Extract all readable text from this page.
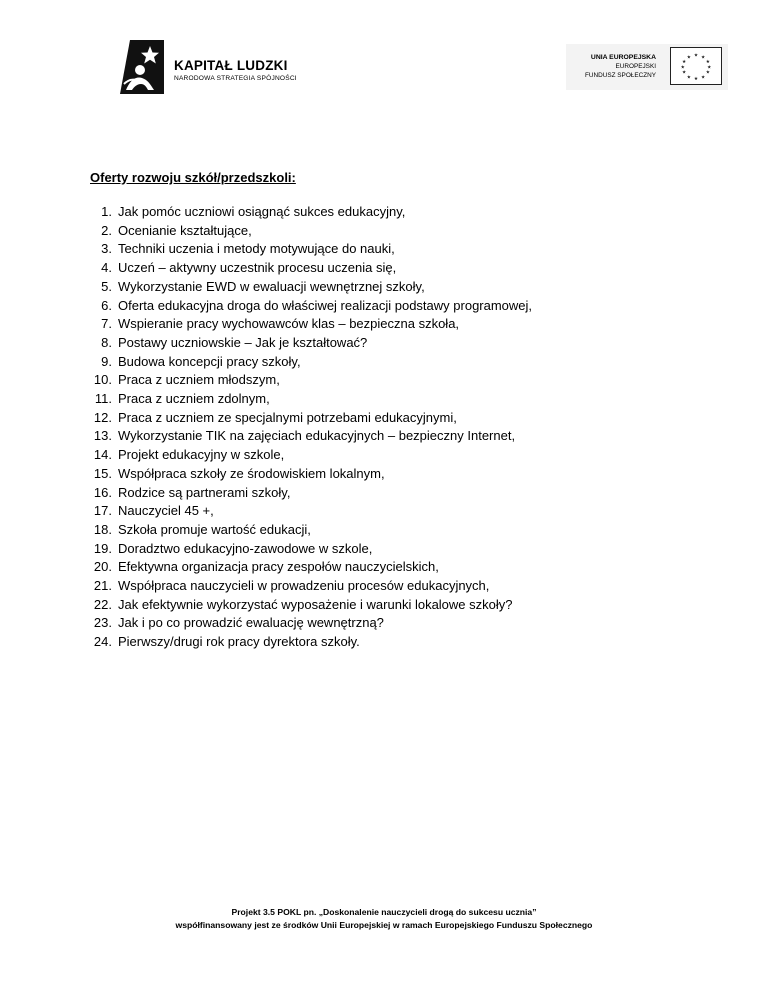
KAPITAŁ LUDZKI
NARODOWA STRATEGIA SPÓJNOŚCI
UNIA EUROPEJSKA
EUROPEJSKI
FUNDUSZ SPOŁECZNY
★ ★
★
★
★
★
★
★
★
★
★
★
Oferty rozwoju szkół/przedszkoli:
1. Jak pomóc uczniowi osiągnąć sukces edukacyjny,
2. Ocenianie kształtujące,
3. Techniki uczenia i metody motywujące do nauki,
4. Uczeń – aktywny uczestnik procesu uczenia się,
5. Wykorzystanie EWD w ewaluacji wewnętrznej szkoły,
6. Oferta edukacyjna droga do właściwej realizacji podstawy programowej,
7. Wspieranie pracy wychowawców klas – bezpieczna szkoła,
8. Postawy uczniowskie – Jak je kształtować?
9. Budowa koncepcji pracy szkoły,
10. Praca z uczniem młodszym,
11. Praca z uczniem zdolnym,
12. Praca z uczniem ze specjalnymi potrzebami edukacyjnymi,
13. Wykorzystanie TIK na zajęciach edukacyjnych – bezpieczny Internet,
14. Projekt edukacyjny w szkole,
15. Współpraca szkoły ze środowiskiem lokalnym,
16. Rodzice są partnerami szkoły,
17. Nauczyciel 45 +,
18. Szkoła promuje wartość edukacji,
19. Doradztwo edukacyjno-zawodowe w szkole,
20. Efektywna organizacja pracy zespołów nauczycielskich,
21. Współpraca nauczycieli w prowadzeniu procesów edukacyjnych,
22. Jak efektywnie wykorzystać wyposażenie i warunki lokalowe szkoły?
23. Jak i po co prowadzić ewaluację wewnętrzną?
24. Pierwszy/drugi rok pracy dyrektora szkoły.
Projekt 3.5 POKL pn. „Doskonalenie nauczycieli drogą do sukcesu ucznia”
współfinansowany jest ze środków Unii Europejskiej w ramach Europejskiego Funduszu Społecznego
